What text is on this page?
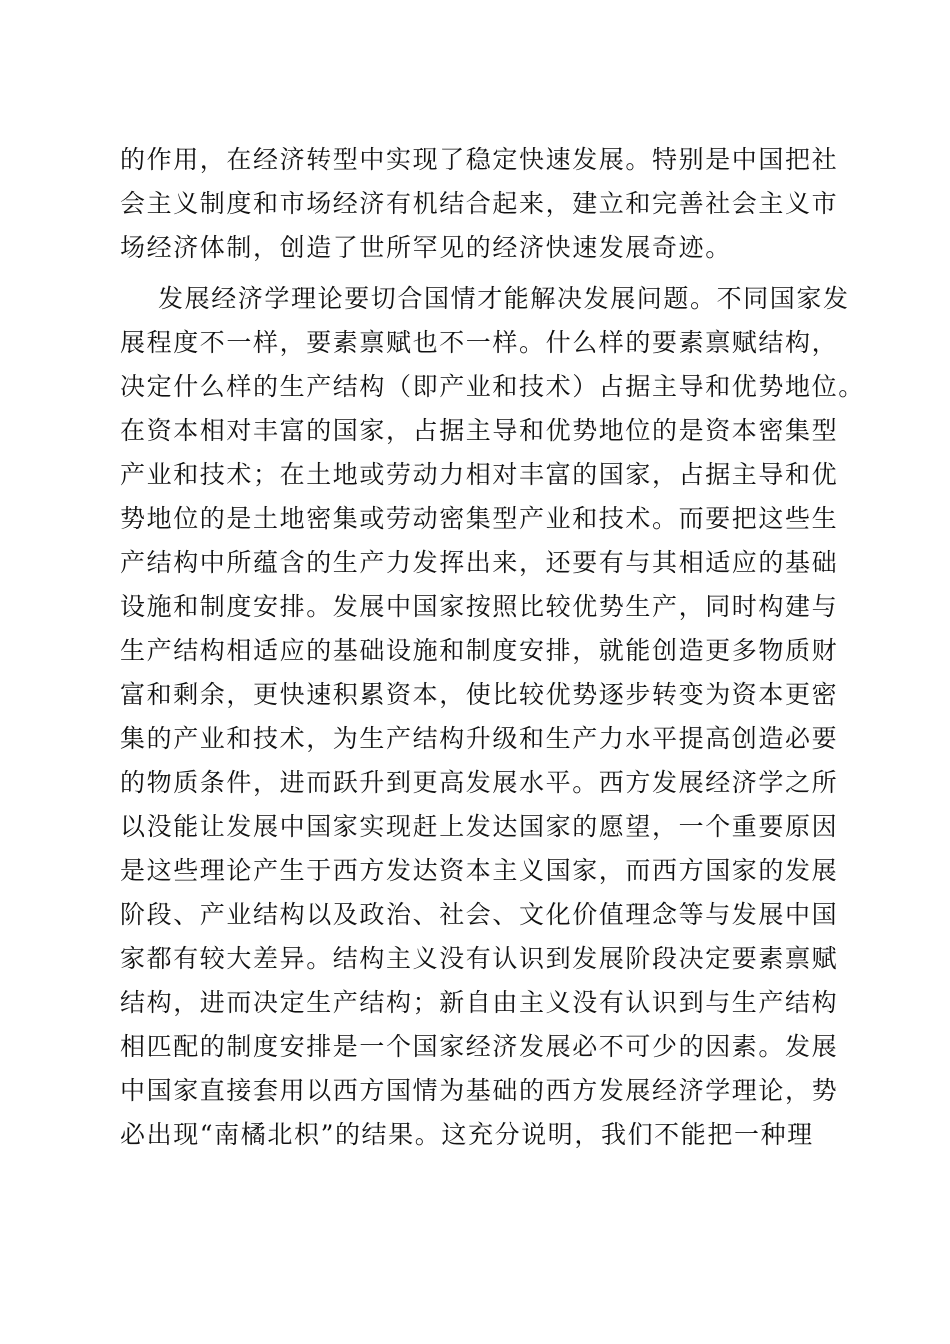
的作用，在经济转型中实现了稳定快速发展。特别是中国把社
会主义制度和市场经济有机结合起来，建立和完善社会主义市
场经济体制，创造了世所罕见的经济快速发展奇迹。
发展经济学理论要切合国情才能解决发展问题。不同国家发
展程度不一样，要素禀赋也不一样。什么样的要素禀赋结构，
决定什么样的生产结构（即产业和技术）占据主导和优势地位。
在资本相对丰富的国家，占据主导和优势地位的是资本密集型
产业和技术；在土地或劳动力相对丰富的国家，占据主导和优
势地位的是土地密集或劳动密集型产业和技术。而要把这些生
产结构中所蕴含的生产力发挥出来，还要有与其相适应的基础
设施和制度安排。发展中国家按照比较优势生产，同时构建与
生产结构相适应的基础设施和制度安排，就能创造更多物质财
富和剩余，更快速积累资本，使比较优势逐步转变为资本更密
集的产业和技术，为生产结构升级和生产力水平提高创造必要
的物质条件，进而跃升到更高发展水平。西方发展经济学之所
以没能让发展中国家实现赶上发达国家的愿望，一个重要原因
是这些理论产生于西方发达资本主义国家，而西方国家的发展
阶段、产业结构以及政治、社会、文化价值理念等与发展中国
家都有较大差异。结构主义没有认识到发展阶段决定要素禀赋
结构，进而决定生产结构；新自由主义没有认识到与生产结构
相匹配的制度安排是一个国家经济发展必不可少的因素。发展
中国家直接套用以西方国情为基础的西方发展经济学理论，势
必出现“南橘北枳”的结果。这充分说明，我们不能把一种理
